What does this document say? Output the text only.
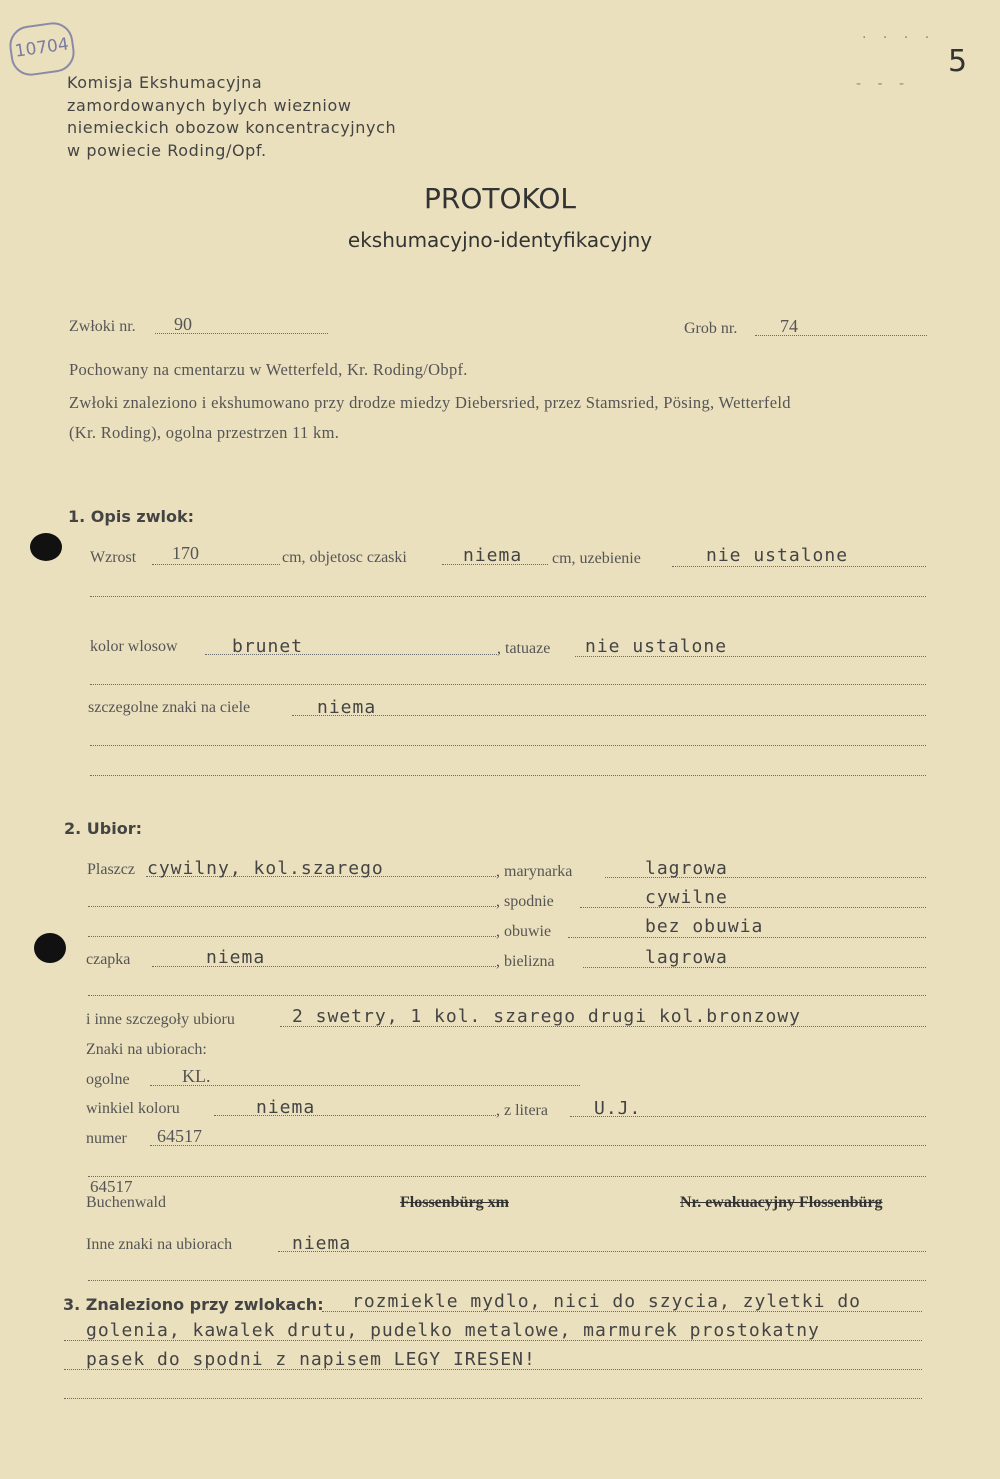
10704
. . . .
- - -
5
Komisja Ekshumacyjna
zamordowanych bylych wiezniow
niemieckich obozow koncentracyjnych
w powiecie Roding/Opf.
PROTOKOL
ekshumacyjno-identyfikacyjny
Zwłoki nr. 90	Grob nr. 74
Pochowany na cmentarzu w Wetterfeld, Kr. Roding/Obpf.
Zwłoki znaleziono i ekshumowano przy drodze miedzy Diebersried, przez Stamsried, Pösing, Wetterfeld
(Kr. Roding), ogolna przestrzen 11 km.
1. Opis zwlok:
Wzrost 170	cm, objetosc czaski	niema cm, uzebienie	nie ustalone
kolor wlosow	brunet	, tatuaze nie ustalone
szczegolne znaki na ciele	niema
2. Ubior:
Plaszcz cywilny, kol.szarego	, marynarka	lagrowa
, spodnie	cywilne
, obuwie	bez obuwia
czapka	niema	, bielizna	lagrowa
i inne szczegoły ubioru	2 swetry, 1 kol. szarego drugi kol.bronzowy
Znaki na ubiorach:
ogolne	KL.
winkiel koloru	niema	, z litera	U.J.
numer 64517
64517
Buchenwald	Flossenbürg xm	Nr. ewakuacyjny Flossenbürg
Inne znaki na ubiorach	niema
3. Znaleziono przy zwlokach: rozmiekle mydlo, nici do szycia, zyletki do
golenia, kawalek drutu, pudelko metalowe, marmurek prostokatny
pasek do spodni z napisem LEGY IRESEN!
